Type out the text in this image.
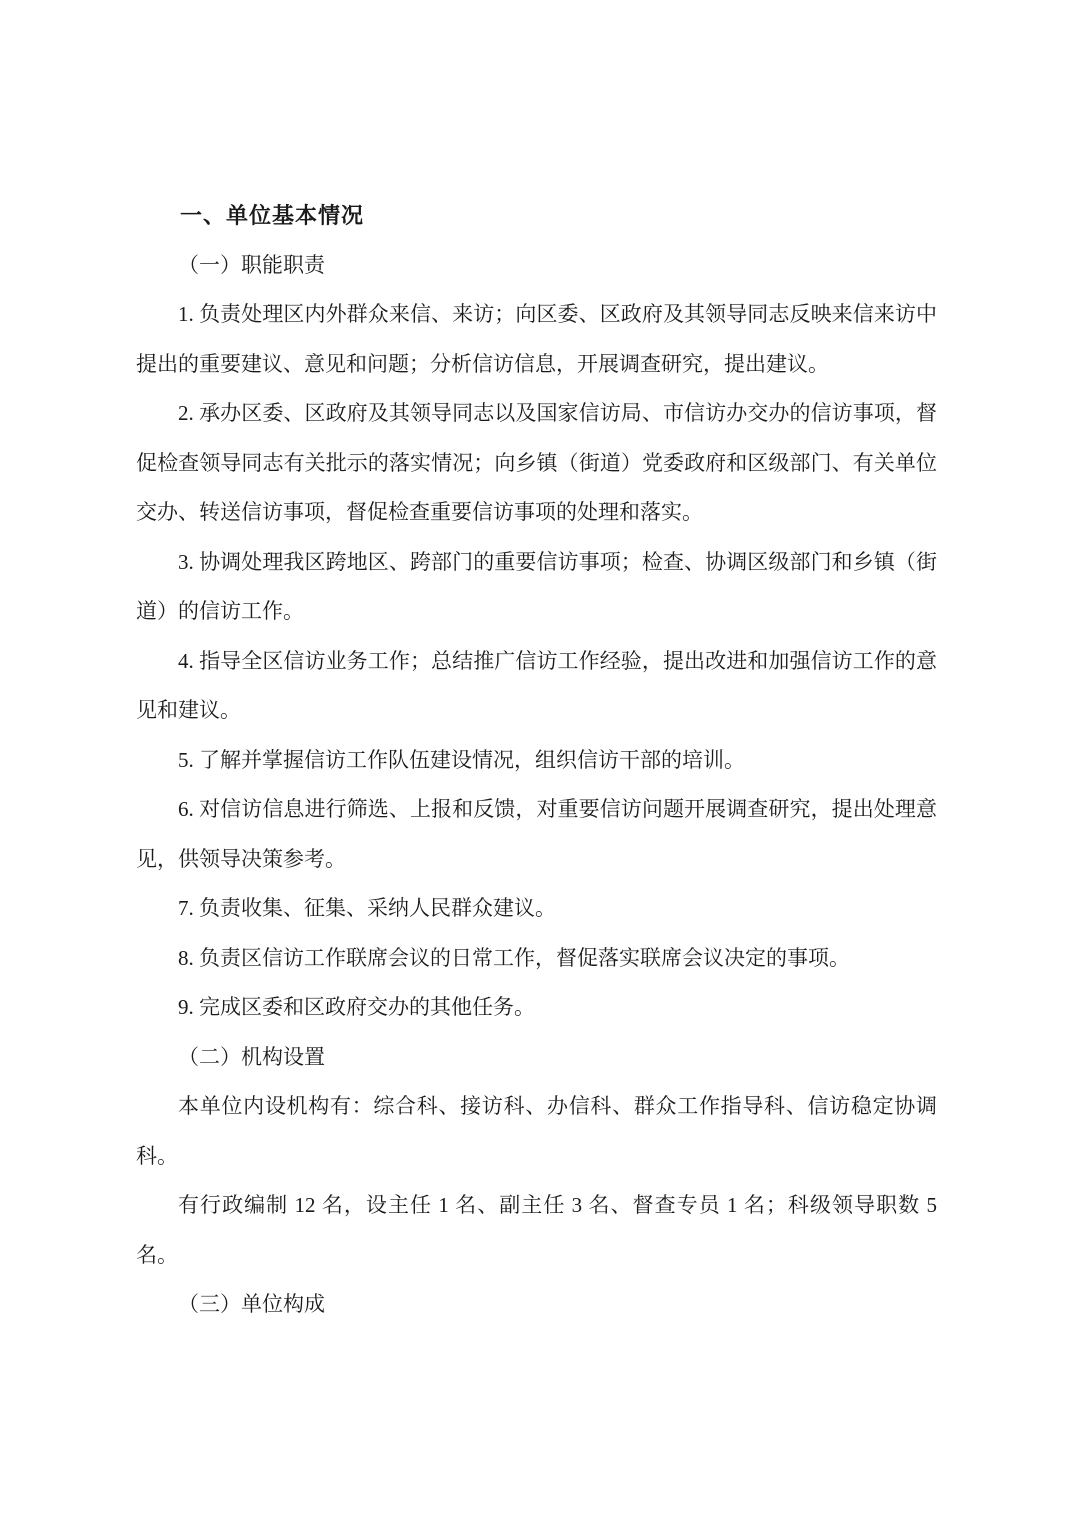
一、单位基本情况

（一）职能职责

1. 负责处理区内外群众来信、来访；向区委、区政府及其领导同志反映来信来访中提出的重要建议、意见和问题；分析信访信息，开展调查研究，提出建议。

2. 承办区委、区政府及其领导同志以及国家信访局、市信访办交办的信访事项，督促检查领导同志有关批示的落实情况；向乡镇（街道）党委政府和区级部门、有关单位交办、转送信访事项，督促检查重要信访事项的处理和落实。

3. 协调处理我区跨地区、跨部门的重要信访事项；检查、协调区级部门和乡镇（街道）的信访工作。

4. 指导全区信访业务工作；总结推广信访工作经验，提出改进和加强信访工作的意见和建议。

5. 了解并掌握信访工作队伍建设情况，组织信访干部的培训。

6. 对信访信息进行筛选、上报和反馈，对重要信访问题开展调查研究，提出处理意见，供领导决策参考。

7. 负责收集、征集、采纳人民群众建议。

8. 负责区信访工作联席会议的日常工作，督促落实联席会议决定的事项。

9. 完成区委和区政府交办的其他任务。

（二）机构设置

本单位内设机构有：综合科、接访科、办信科、群众工作指导科、信访稳定协调科。

有行政编制 12 名，设主任 1 名、副主任 3 名、督查专员 1 名；科级领导职数 5 名。

（三）单位构成
